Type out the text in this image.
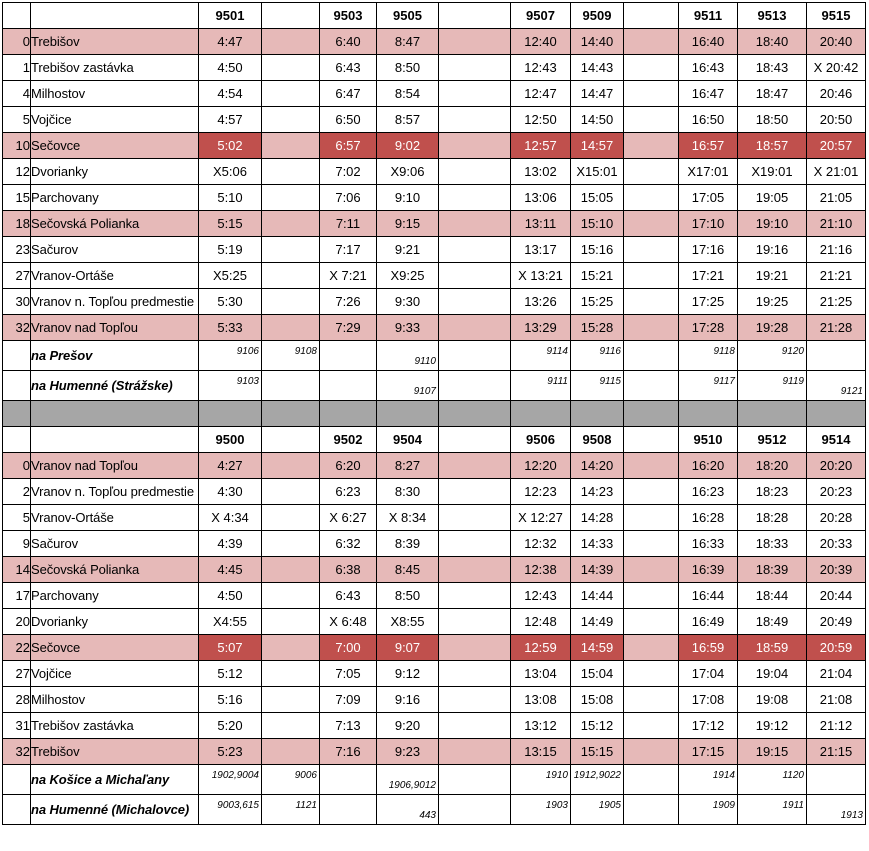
		9501		9503	9505		9507	9509		9511	9513	9515
0	Trebišov	4:47		6:40	8:47		12:40	14:40		16:40	18:40	20:40
1	Trebišov zastávka	4:50		6:43	8:50		12:43	14:43		16:43	18:43	X 20:42
4	Milhostov	4:54		6:47	8:54		12:47	14:47		16:47	18:47	20:46
5	Vojčice	4:57		6:50	8:57		12:50	14:50		16:50	18:50	20:50
10	Sečovce	5:02		6:57	9:02		12:57	14:57		16:57	18:57	20:57
12	Dvorianky	X5:06		7:02	X9:06		13:02	X15:01		X17:01	X19:01	X 21:01
15	Parchovany	5:10		7:06	9:10		13:06	15:05		17:05	19:05	21:05
18	Sečovská Polianka	5:15		7:11	9:15		13:11	15:10		17:10	19:10	21:10
23	Sačurov	5:19		7:17	9:21		13:17	15:16		17:16	19:16	21:16
27	Vranov-Ortáše	X5:25		X 7:21	X9:25		X 13:21	15:21		17:21	19:21	21:21
30	Vranov n. Topľou predmestie	5:30		7:26	9:30		13:26	15:25		17:25	19:25	21:25
32	Vranov nad Topľou	5:33		7:29	9:33		13:29	15:28		17:28	19:28	21:28
	na Prešov	9106	9108		9110		9114	9116		9118	9120	
	na Humenné (Strážske)	9103			9107		9111	9115		9117	9119	9121

		9500		9502	9504		9506	9508		9510	9512	9514
0	Vranov nad Topľou	4:27		6:20	8:27		12:20	14:20		16:20	18:20	20:20
2	Vranov n. Topľou predmestie	4:30		6:23	8:30		12:23	14:23		16:23	18:23	20:23
5	Vranov-Ortáše	X 4:34		X 6:27	X 8:34		X 12:27	14:28		16:28	18:28	20:28
9	Sačurov	4:39		6:32	8:39		12:32	14:33		16:33	18:33	20:33
14	Sečovská Polianka	4:45		6:38	8:45		12:38	14:39		16:39	18:39	20:39
17	Parchovany	4:50		6:43	8:50		12:43	14:44		16:44	18:44	20:44
20	Dvorianky	X4:55		X 6:48	X8:55		12:48	14:49		16:49	18:49	20:49
22	Sečovce	5:07		7:00	9:07		12:59	14:59		16:59	18:59	20:59
27	Vojčice	5:12		7:05	9:12		13:04	15:04		17:04	19:04	21:04
28	Milhostov	5:16		7:09	9:16		13:08	15:08		17:08	19:08	21:08
31	Trebišov zastávka	5:20		7:13	9:20		13:12	15:12		17:12	19:12	21:12
32	Trebišov	5:23		7:16	9:23		13:15	15:15		17:15	19:15	21:15
	na Košice a Michaľany	1902,9004	9006		1906,9012		1910	1912,9022		1914	1120	
	na Humenné (Michalovce)	9003,615	1121		443		1903	1905		1909	1911	1913
